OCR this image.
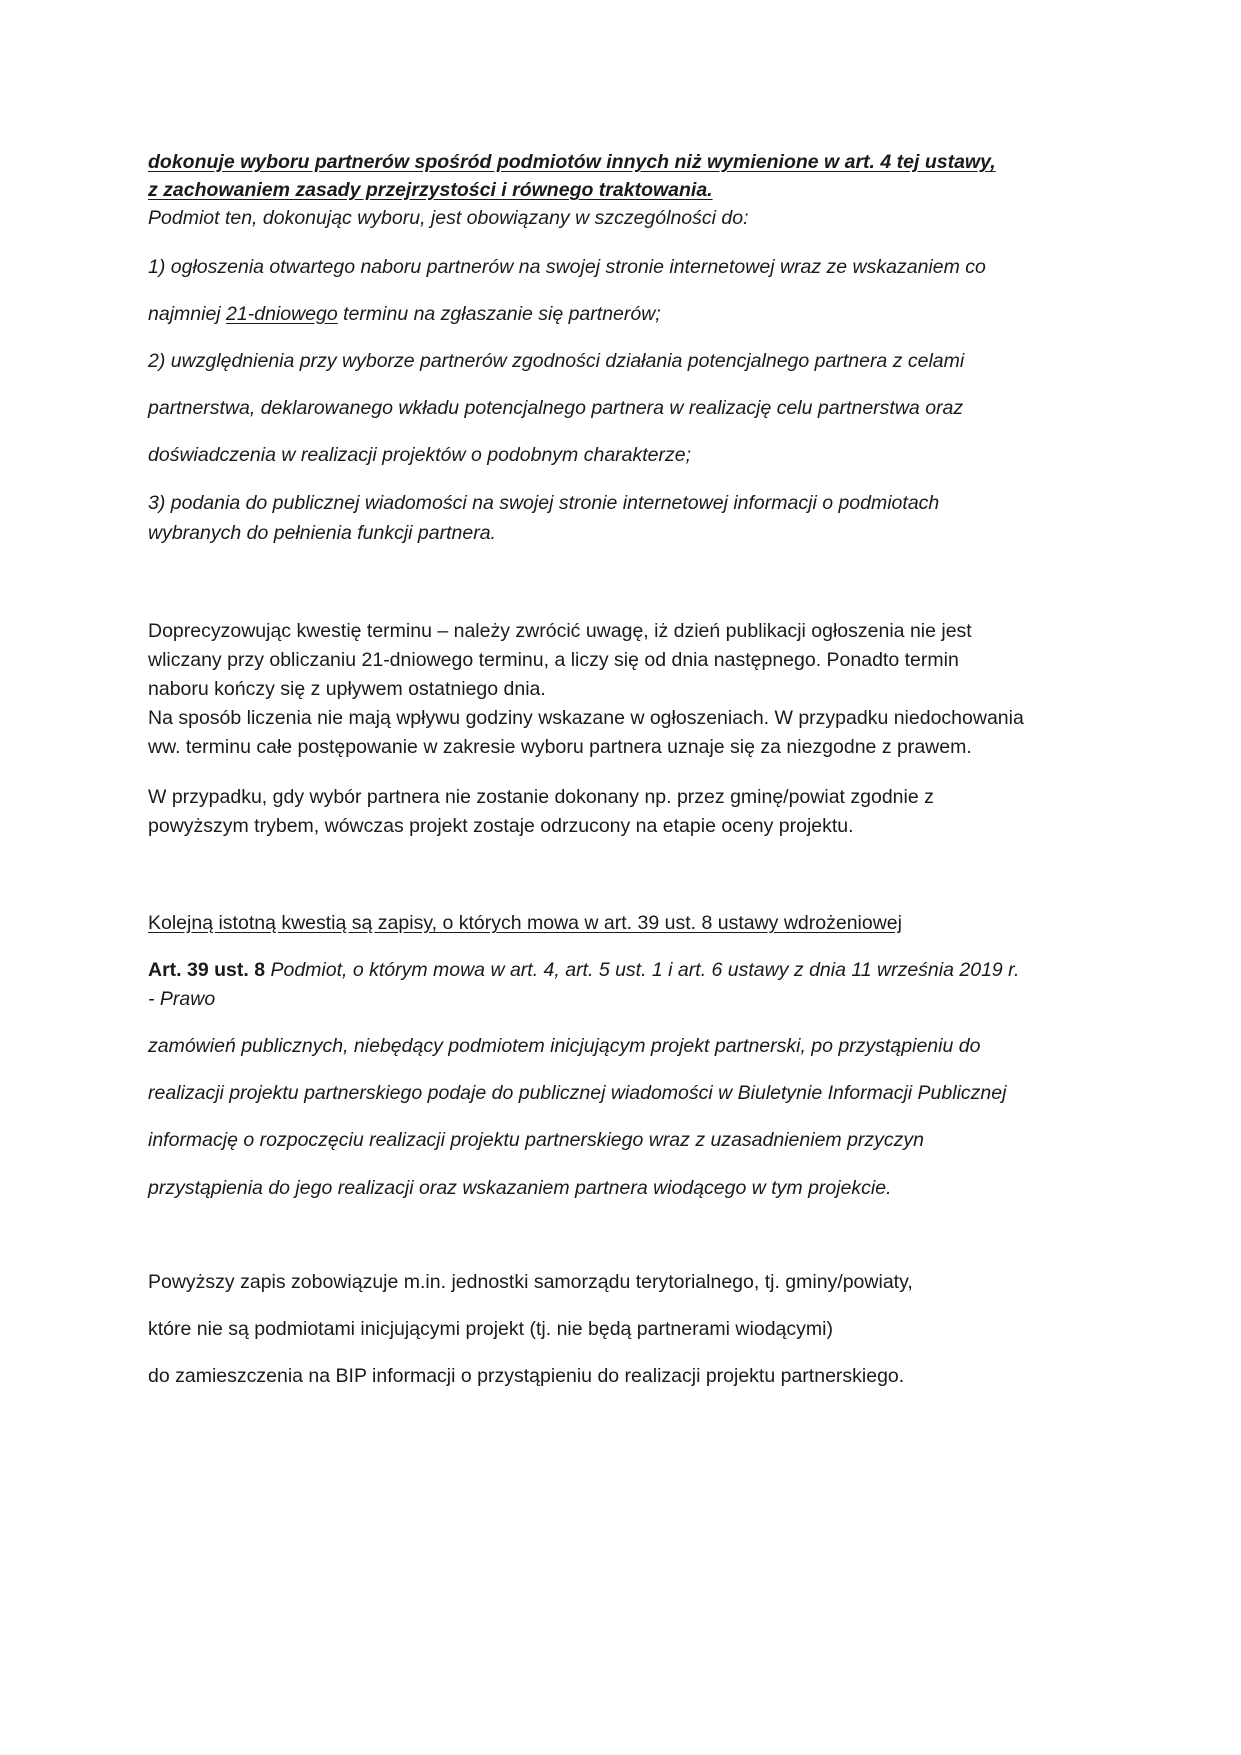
dokonuje wyboru partnerów spośród podmiotów innych niż wymienione w art. 4 tej ustawy,

z zachowaniem zasady przejrzystości i równego traktowania.

Podmiot ten, dokonując wyboru, jest obowiązany w szczególności do:

1) ogłoszenia otwartego naboru partnerów na swojej stronie internetowej wraz ze wskazaniem co

najmniej 21-dniowego terminu na zgłaszanie się partnerów;

2) uwzględnienia przy wyborze partnerów zgodności działania potencjalnego partnera z celami

partnerstwa, deklarowanego wkładu potencjalnego partnera w realizację celu partnerstwa oraz

doświadczenia w realizacji projektów o podobnym charakterze;

3) podania do publicznej wiadomości na swojej stronie internetowej informacji o podmiotach

wybranych do pełnienia funkcji partnera.

Doprecyzowując kwestię terminu – należy zwrócić uwagę, iż dzień publikacji ogłoszenia nie jest

wliczany przy obliczaniu 21-dniowego terminu, a liczy się od dnia następnego. Ponadto termin

naboru kończy się z upływem ostatniego dnia.

Na sposób liczenia nie mają wpływu godziny wskazane w ogłoszeniach. W przypadku niedochowania

ww. terminu całe postępowanie w zakresie wyboru partnera uznaje się za niezgodne z prawem.

W przypadku, gdy wybór partnera nie zostanie dokonany np. przez gminę/powiat zgodnie z

powyższym trybem, wówczas projekt zostaje odrzucony na etapie oceny projektu.

Kolejną istotną kwestią są zapisy, o których mowa w art. 39 ust. 8 ustawy wdrożeniowej

Art. 39 ust. 8 Podmiot, o którym mowa w art. 4, art. 5 ust. 1 i art. 6 ustawy z dnia 11 września 2019 r.

- Prawo

zamówień publicznych, niebędący podmiotem inicjującym projekt partnerski, po przystąpieniu do

realizacji projektu partnerskiego podaje do publicznej wiadomości w Biuletynie Informacji Publicznej

informację o rozpoczęciu realizacji projektu partnerskiego wraz z uzasadnieniem przyczyn

przystąpienia do jego realizacji oraz wskazaniem partnera wiodącego w tym projekcie.

Powyższy zapis zobowiązuje m.in. jednostki samorządu terytorialnego, tj. gminy/powiaty,

które nie są podmiotami inicjującymi projekt (tj. nie będą partnerami wiodącymi)

do zamieszczenia na BIP informacji o przystąpieniu do realizacji projektu partnerskiego.
